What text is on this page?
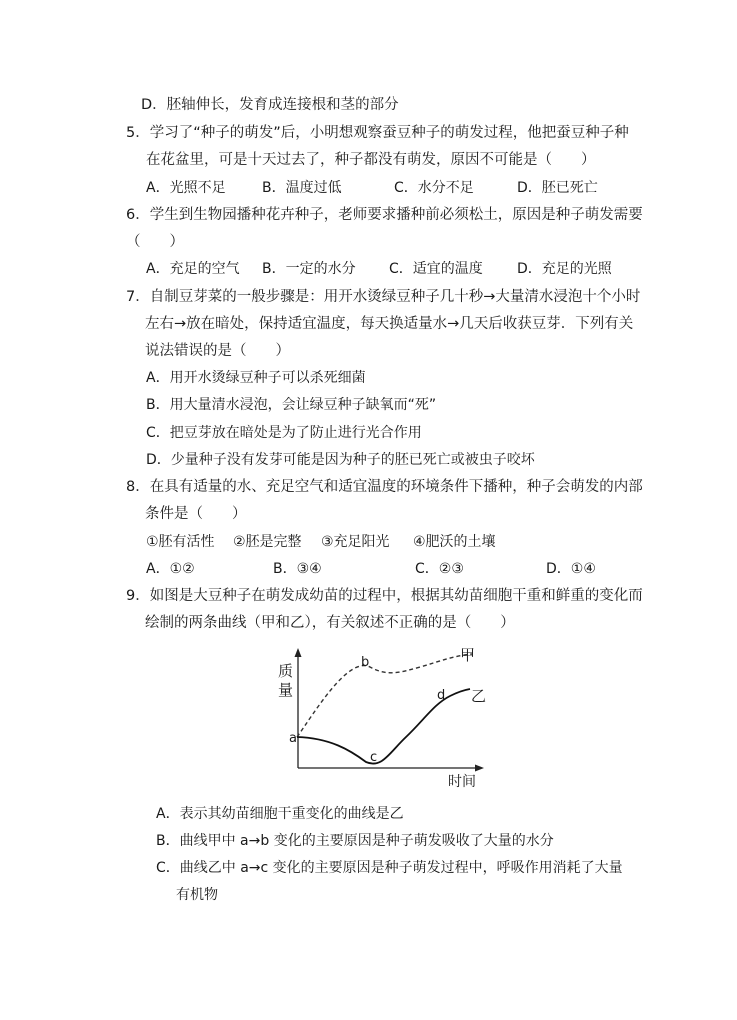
D．胚轴伸长，发育成连接根和茎的部分
5．学习了“种子的萌发”后，小明想观察蚕豆种子的萌发过程，他把蚕豆种子种
在花盆里，可是十天过去了，种子都没有萌发，原因不可能是（　　）
A．光照不足	B．温度过低	C．水分不足	D．胚已死亡
6．学生到生物园播种花卉种子，老师要求播种前必须松土，原因是种子萌发需要
（　　）
A．充足的空气 B．一定的水分 C．适宜的温度 D．充足的光照
7．自制豆芽菜的一般步骤是：用开水烫绿豆种子几十秒→大量清水浸泡十个小时
左右→放在暗处，保持适宜温度，每天换适量水→几天后收获豆芽．下列有关
说法错误的是（　　）
A．用开水烫绿豆种子可以杀死细菌
B．用大量清水浸泡，会让绿豆种子缺氧而“死”
C．把豆芽放在暗处是为了防止进行光合作用
D．少量种子没有发芽可能是因为种子的胚已死亡或被虫子咬坏
8．在具有适量的水、充足空气和适宜温度的环境条件下播种，种子会萌发的内部
条件是（　　）
①胚有活性 ②胚是完整 ③充足阳光 ④肥沃的土壤
A．①②	B．③④	C．②③	D．①④
9．如图是大豆种子在萌发成幼苗的过程中，根据其幼苗细胞干重和鲜重的变化而
绘制的两条曲线（甲和乙），有关叙述不正确的是（　　）
质
量
时间
甲
乙
a
b
c
d
A．表示其幼苗细胞干重变化的曲线是乙
B．曲线甲中 a→b 变化的主要原因是种子萌发吸收了大量的水分
C．曲线乙中 a→c 变化的主要原因是种子萌发过程中，呼吸作用消耗了大量
有机物
